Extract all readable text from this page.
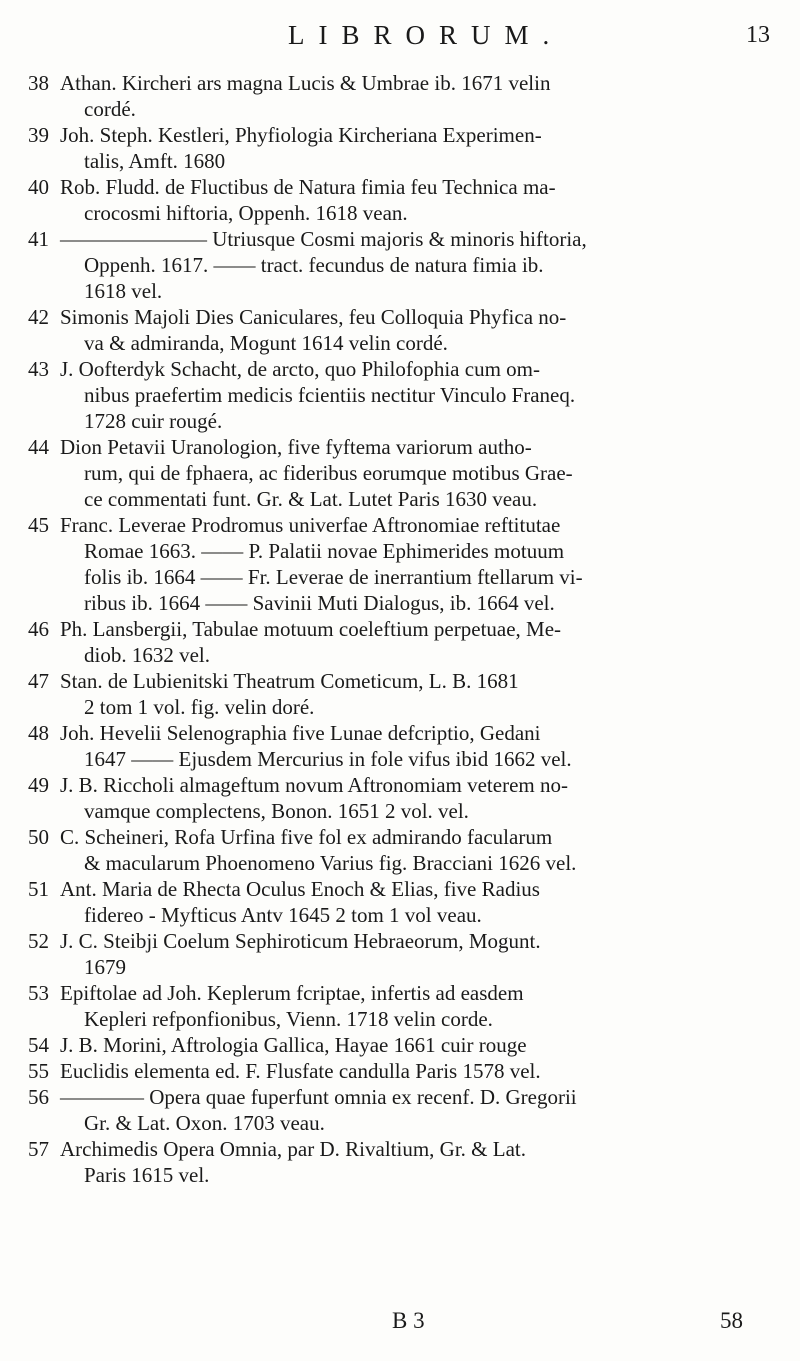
LIBRORUM.	13
38 Athan. Kircheri ars magna Lucis & Umbrae ib. 1671 velin
cordé.
39 Joh. Steph. Kestleri, Phyfiologia Kircheriana Experimen-
talis, Amft. 1680
40 Rob. Fludd. de Fluctibus de Natura fimia feu Technica ma-
crocosmi hiftoria, Oppenh. 1618 vean.
41 ——————— Utriusque Cosmi majoris & minoris hiftoria,
Oppenh. 1617. —— tract. fecundus de natura fimia ib.
1618 vel.
42 Simonis Majoli Dies Caniculares, feu Colloquia Phyfica no-
va & admiranda, Mogunt 1614 velin cordé.
43 J. Oofterdyk Schacht, de arcto, quo Philofophia cum om-
nibus praefertim medicis fcientiis nectitur Vinculo Franeq.
1728 cuir rougé.
44 Dion Petavii Uranologion, five fyftema variorum autho-
rum, qui de fphaera, ac fideribus eorumque motibus Grae-
ce commentati funt. Gr. & Lat. Lutet Paris 1630 veau.
45 Franc. Leverae Prodromus univerfae Aftronomiae reftitutae
Romae 1663. —— P. Palatii novae Ephimerides motuum
folis ib. 1664 —— Fr. Leverae de inerrantium ftellarum vi-
ribus ib. 1664 —— Savinii Muti Dialogus, ib. 1664 vel.
46 Ph. Lansbergii, Tabulae motuum coeleftium perpetuae, Me-
diob. 1632 vel.
47 Stan. de Lubienitski Theatrum Cometicum, L. B. 1681
2 tom 1 vol. fig. velin doré.
48 Joh. Hevelii Selenographia five Lunae defcriptio, Gedani
1647 —— Ejusdem Mercurius in fole vifus ibid 1662 vel.
49 J. B. Riccholi almageftum novum Aftronomiam veterem no-
vamque complectens, Bonon. 1651 2 vol. vel.
50 C. Scheineri, Rofa Urfina five fol ex admirando facularum
& macularum Phoenomeno Varius fig. Bracciani 1626 vel.
51 Ant. Maria de Rhecta Oculus Enoch & Elias, five Radius
fidereo - Myfticus Antv 1645 2 tom 1 vol veau.
52 J. C. Steibji Coelum Sephiroticum Hebraeorum, Mogunt.
1679
53 Epiftolae ad Joh. Keplerum fcriptae, infertis ad easdem
Kepleri refponfionibus, Vienn. 1718 velin corde.
54 J. B. Morini, Aftrologia Gallica, Hayae 1661 cuir rouge
55 Euclidis elementa ed. F. Flusfate candulla Paris 1578 vel.
56 ———— Opera quae fuperfunt omnia ex recenf. D. Gregorii
Gr. & Lat. Oxon. 1703 veau.
57 Archimedis Opera Omnia, par D. Rivaltium, Gr. & Lat.
Paris 1615 vel.
B 3	58
